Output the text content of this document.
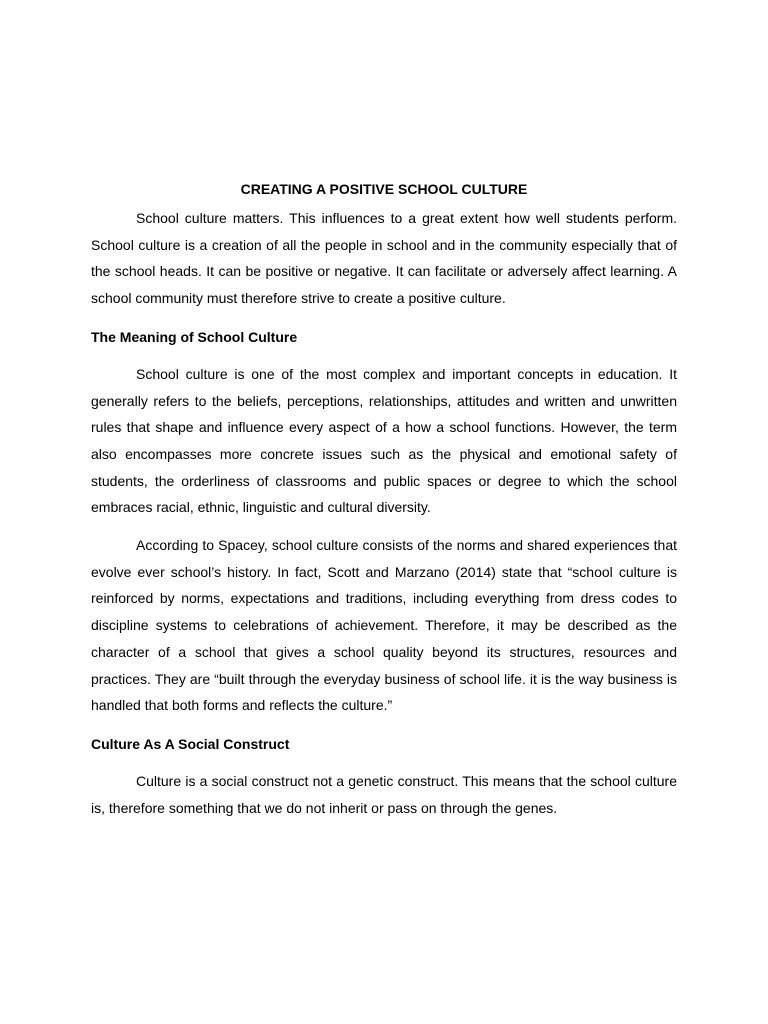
CREATING A POSITIVE SCHOOL CULTURE

School culture matters. This influences to a great extent how well students perform. School culture is a creation of all the people in school and in the community especially that of the school heads. It can be positive or negative. It can facilitate or adversely affect learning. A school community must therefore strive to create a positive culture.

The Meaning of School Culture

School culture is one of the most complex and important concepts in education. It generally refers to the beliefs, perceptions, relationships, attitudes and written and unwritten rules that shape and influence every aspect of a how a school functions. However, the term also encompasses more concrete issues such as the physical and emotional safety of students, the orderliness of classrooms and public spaces or degree to which the school embraces racial, ethnic, linguistic and cultural diversity.

According to Spacey, school culture consists of the norms and shared experiences that evolve ever school’s history. In fact, Scott and Marzano (2014) state that “school culture is reinforced by norms, expectations and traditions, including everything from dress codes to discipline systems to celebrations of achievement. Therefore, it may be described as the character of a school that gives a school quality beyond its structures, resources and practices. They are “built through the everyday business of school life. it is the way business is handled that both forms and reflects the culture.”

Culture As A Social Construct

Culture is a social construct not a genetic construct. This means that the school culture is, therefore something that we do not inherit or pass on through the genes.
